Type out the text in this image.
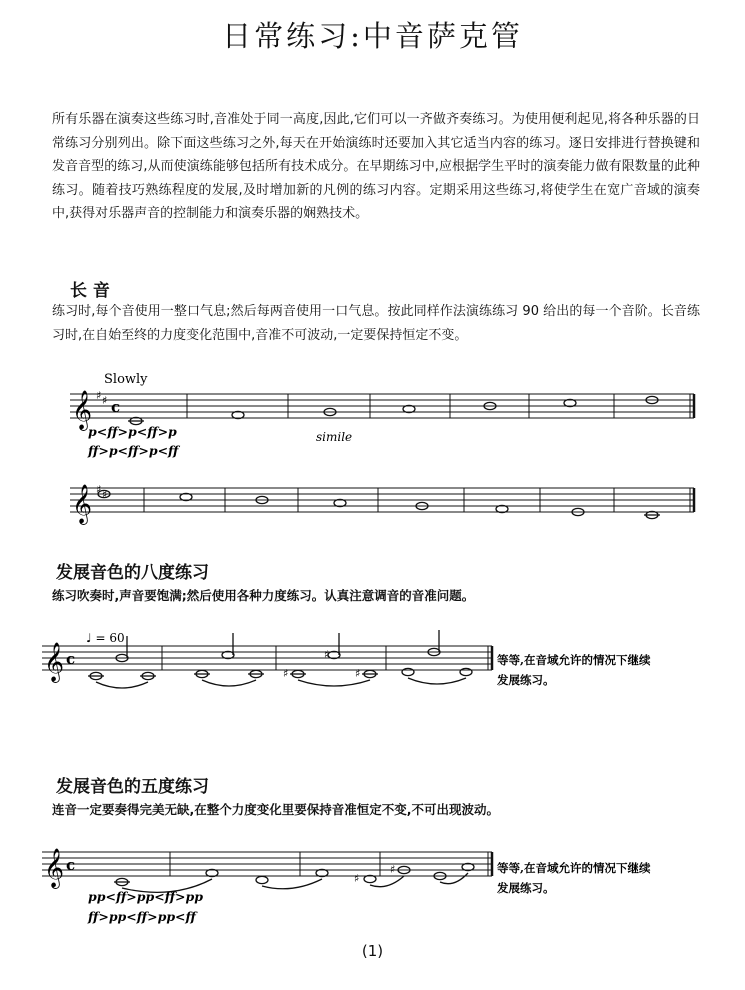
日常练习:中音萨克管
所有乐器在演奏这些练习时,音准处于同一高度,因此,它们可以一齐做齐奏练习。为使用便利起见,将各种乐器的日常练习分别列出。除下面这些练习之外,每天在开始演练时还要加入其它适当内容的练习。逐日安排进行替换键和发音音型的练习,从而使演练能够包括所有技术成分。在早期练习中,应根据学生平时的演奏能力做有限数量的此种练习。随着技巧熟练程度的发展,及时增加新的凡例的练习内容。定期采用这些练习,将使学生在宽广音域的演奏中,获得对乐器声音的控制能力和演奏乐器的娴熟技术。
长 音
练习时,每个音使用一整口气息;然后每两音使用一口气息。按此同样作法演练练习 90 给出的每一个音阶。长音练习时,在自始至终的力度变化范围中,音准不可波动,一定要保持恒定不变。
Slowly
𝄞 ♯ ♯ c
p<ff>p<ff>p	simile
ff>p<ff>p<ff
𝄞 ♯ ♯
发展音色的八度练习
练习吹奏时,声音要饱满;然后使用各种力度练习。认真注意调音的音准问题。
♩ = 60
𝄞 c
♯
♯
♯
等等,在音域允许的情况下继续
发展练习。
发展音色的五度练习
连音一定要奏得完美无缺,在整个力度变化里要保持音准恒定不变,不可出现波动。
𝄞 c
♯
♯
pp<ff>pp<ff>pp
ff>pp<ff>pp<ff
等等,在音域允许的情况下继续
发展练习。
(1)
